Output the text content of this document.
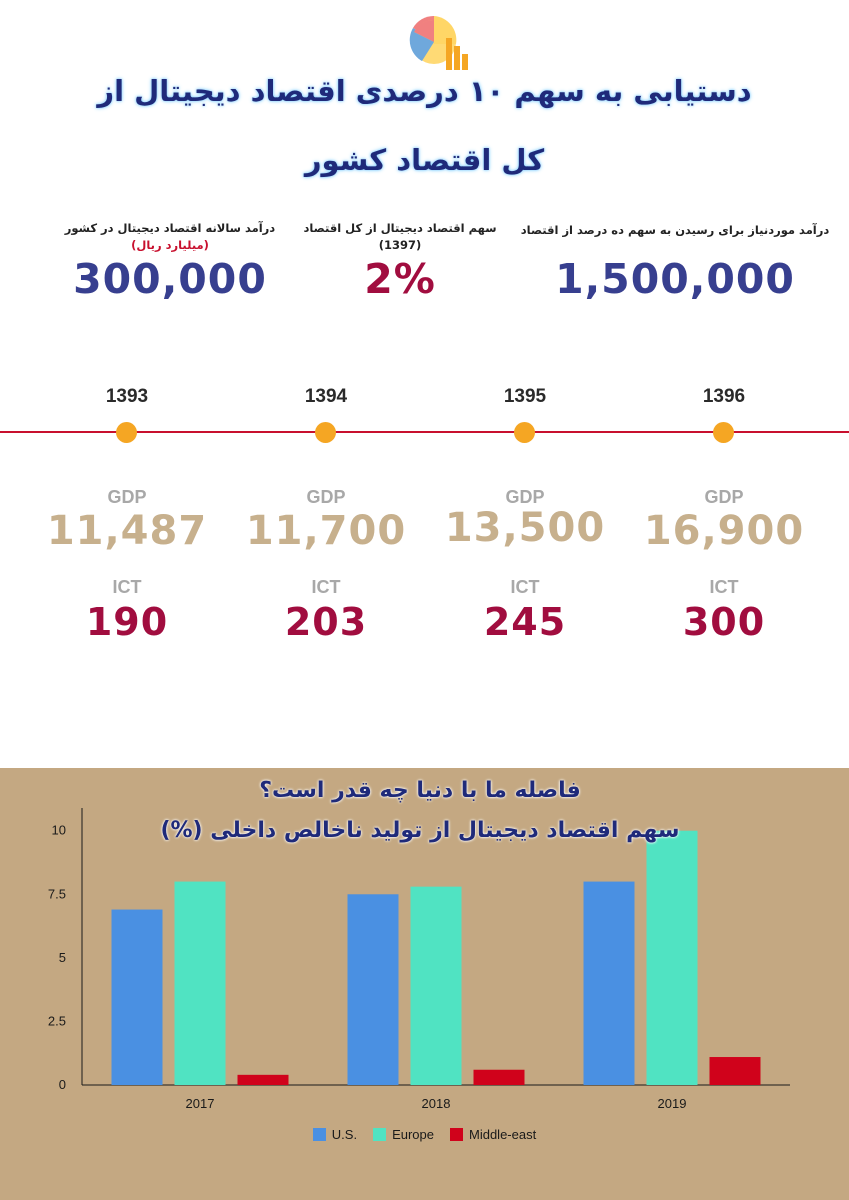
دستیابی به سهم ۱۰ درصدی اقتصاد دیجیتال از
کل اقتصاد کشور
درآمد موردنیاز برای رسیدن به سهم ده درصد از اقتصاد
1,500,000
سهم اقتصاد دیجیتال از کل اقتصاد
(1397)
2%
درآمد سالانه اقتصاد دیجیتال در کشور
(میلیارد ریال)
300,000
1393
GDP
11,487
ICT
190
1394
GDP
11,700
ICT
203
1395
GDP
13,500
ICT
245
1396
GDP
16,900
ICT
300
0
2.5
5
7.5
10
2017	2018	2019
فاصله ما با دنیا چه قدر است؟
سهم اقتصاد دیجیتال از تولید ناخالص داخلی (%)
U.S.	Europe	Middle-east
